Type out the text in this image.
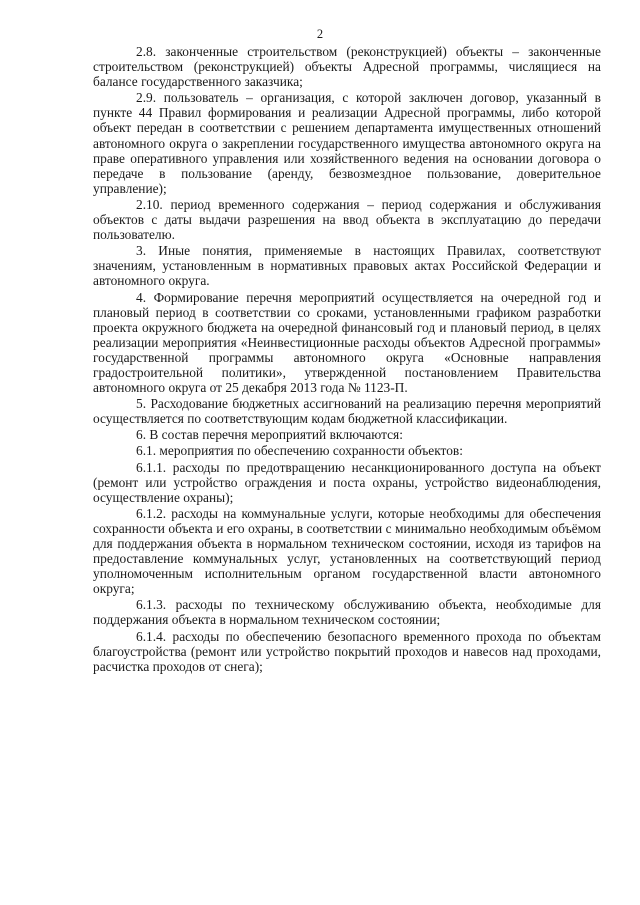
2

2.8. законченные строительством (реконструкцией) объекты – законченные строительством (реконструкцией) объекты Адресной программы, числящиеся на балансе государственного заказчика;

2.9. пользователь – организация, с которой заключен договор, указанный в пункте 44 Правил формирования и реализации Адресной программы, либо которой объект передан в соответствии с решением департамента имущественных отношений автономного округа о закреплении государственного имущества автономного округа на праве оперативного управления или хозяйственного ведения на основании договора о передаче в пользование (аренду, безвозмездное пользование, доверительное управление);

2.10. период временного содержания – период содержания и обслуживания объектов с даты выдачи разрешения на ввод объекта в эксплуатацию до передачи пользователю.

3. Иные понятия, применяемые в настоящих Правилах, соответствуют значениям, установленным в нормативных правовых актах Российской Федерации и автономного округа.

4. Формирование перечня мероприятий осуществляется на очередной год и плановый период в соответствии со сроками, установленными графиком разработки проекта окружного бюджета на очередной финансовый год и плановый период, в целях реализации мероприятия «Неинвестиционные расходы объектов Адресной программы» государственной программы автономного округа «Основные направления градостроительной политики», утвержденной постановлением Правительства автономного округа от 25 декабря 2013 года № 1123-П.

5. Расходование бюджетных ассигнований на реализацию перечня мероприятий осуществляется по соответствующим кодам бюджетной классификации.

6. В состав перечня мероприятий включаются:

6.1. мероприятия по обеспечению сохранности объектов:

6.1.1. расходы по предотвращению несанкционированного доступа на объект (ремонт или устройство ограждения и поста охраны, устройство видеонаблюдения, осуществление охраны);

6.1.2. расходы на коммунальные услуги, которые необходимы для обеспечения сохранности объекта и его охраны, в соответствии с минимально необходимым объёмом для поддержания объекта в нормальном техническом состоянии, исходя из тарифов на предоставление коммунальных услуг, установленных на соответствующий период уполномоченным исполнительным органом государственной власти автономного округа;

6.1.3. расходы по техническому обслуживанию объекта, необходимые для поддержания объекта в нормальном техническом состоянии;

6.1.4. расходы по обеспечению безопасного временного прохода по объектам благоустройства (ремонт или устройство покрытий проходов и навесов над проходами, расчистка проходов от снега);
